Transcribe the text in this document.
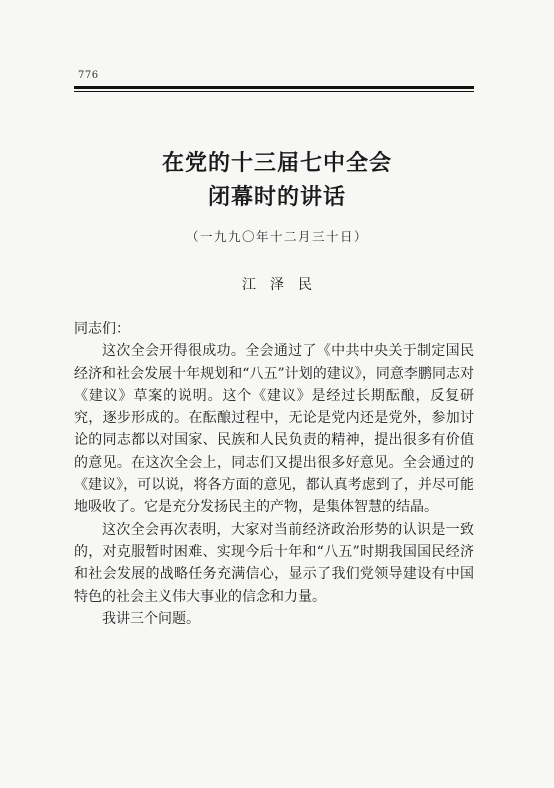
776
在党的十三届七中全会
闭幕时的讲话
（一九九〇年十二月三十日）
江泽民

同志们：

这次全会开得很成功。全会通过了《中共中央关于制定国民经济和社会发展十年规划和“八五”计划的建议》，同意李鹏同志对《建议》草案的说明。这个《建议》是经过长期酝酿，反复研究，逐步形成的。在酝酿过程中，无论是党内还是党外，参加讨论的同志都以对国家、民族和人民负责的精神，提出很多有价值的意见。在这次全会上，同志们又提出很多好意见。全会通过的《建议》，可以说，将各方面的意见，都认真考虑到了，并尽可能地吸收了。它是充分发扬民主的产物，是集体智慧的结晶。

这次全会再次表明，大家对当前经济政治形势的认识是一致的，对克服暂时困难、实现今后十年和“八五”时期我国国民经济和社会发展的战略任务充满信心，显示了我们党领导建设有中国特色的社会主义伟大事业的信念和力量。

我讲三个问题。
